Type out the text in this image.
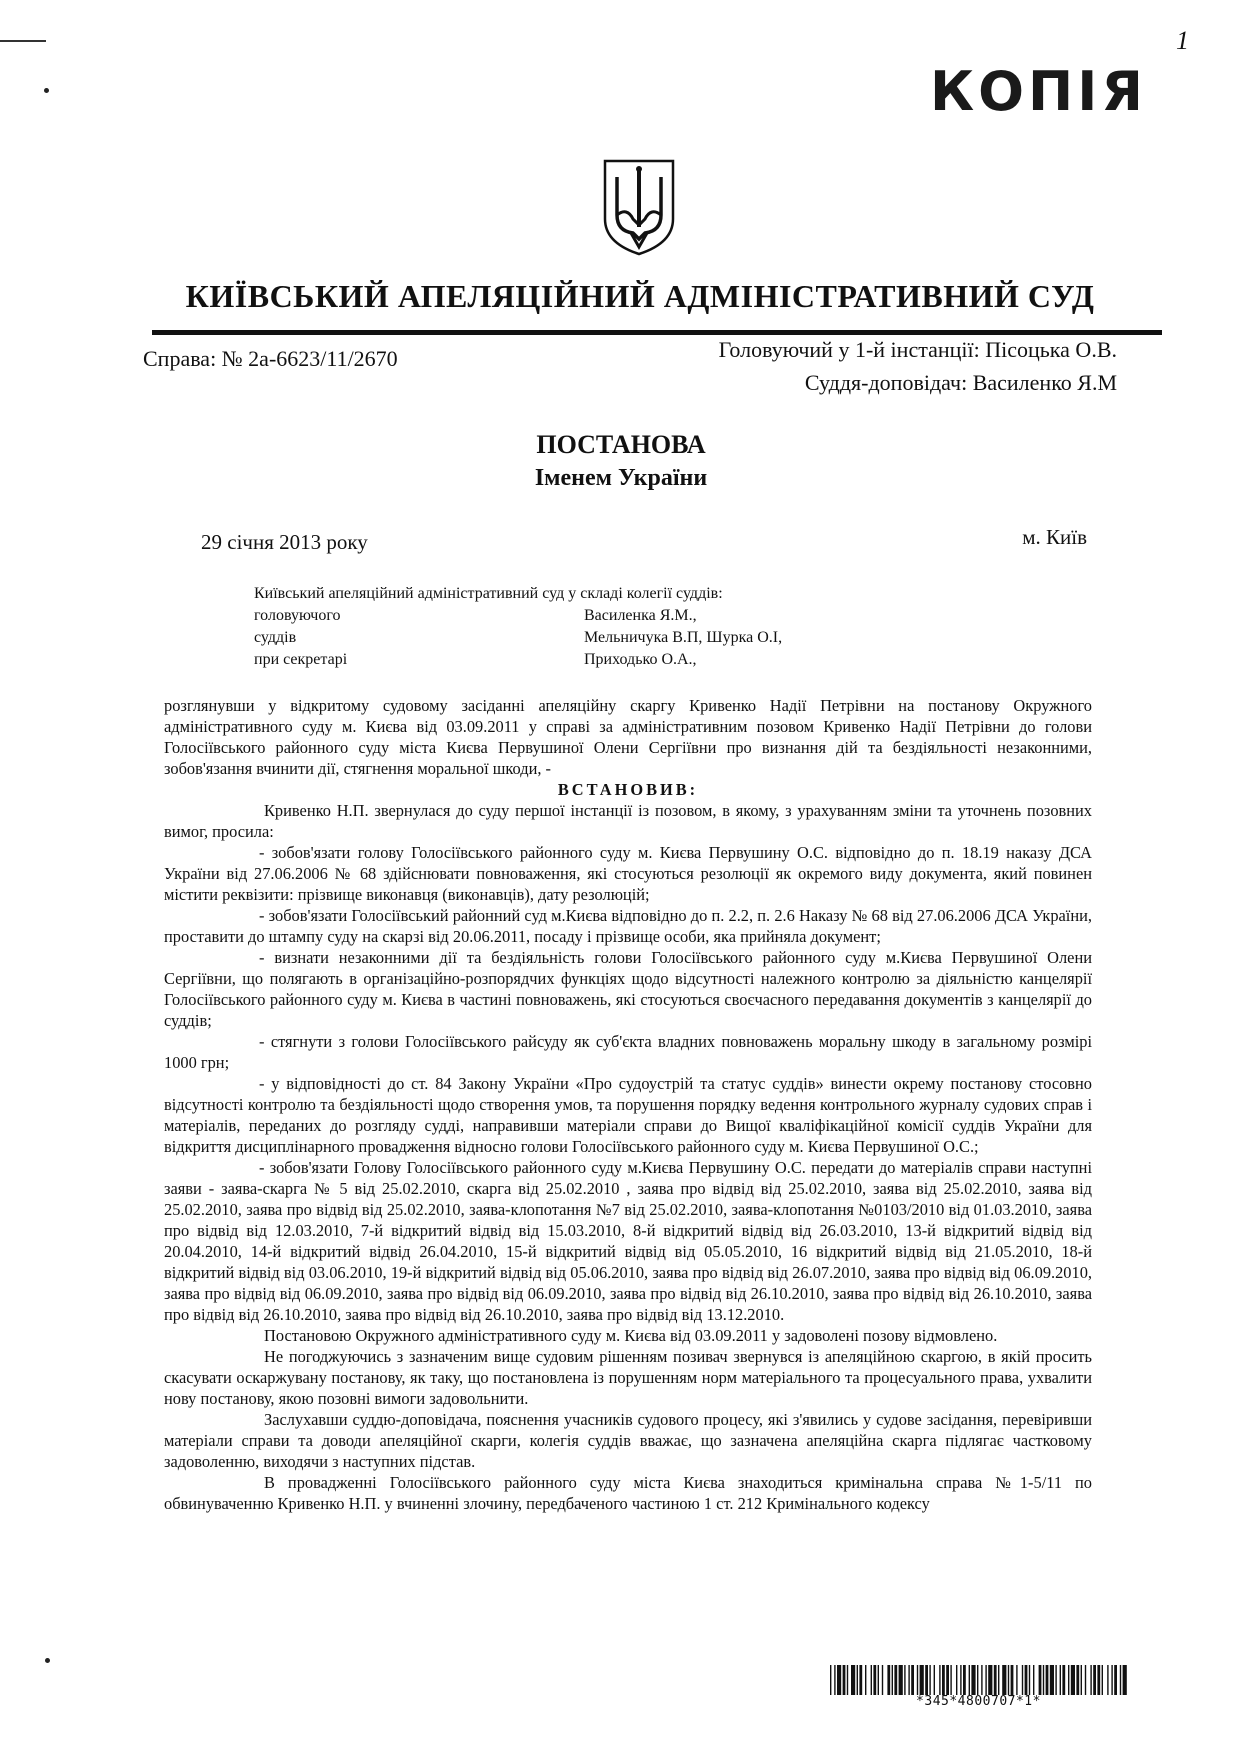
1
КОПІЯ
КИЇВСЬКИЙ АПЕЛЯЦІЙНИЙ АДМІНІСТРАТИВНИЙ СУД
Справа: № 2а-6623/11/2670	Головуючий у 1-й інстанції: Пісоцька О.В.
Суддя-доповідач: Василенко Я.М
ПОСТАНОВА
Іменем України
29 січня 2013 року	м. Київ
Київський апеляційний адміністративний суд у складі колегії суддів:
головуючого	Василенка Я.М.,
суддів	Мельничука В.П, Шурка О.І,
при секретарі	Приходько О.А.,

розглянувши у відкритому судовому засіданні апеляційну скаргу Кривенко Надії Петрівни на постанову Окружного адміністративного суду м. Києва від 03.09.2011 у справі за адміністративним позовом Кривенко Надії Петрівни до голови Голосіївського районного суду міста Києва Первушиної Олени Сергіївни про визнання дій та бездіяльності незаконними, зобов'язання вчинити дії, стягнення моральної шкоди, -

ВСТАНОВИВ:

Кривенко Н.П. звернулася до суду першої інстанції із позовом, в якому, з урахуванням зміни та уточнень позовних вимог, просила:

- зобов'язати голову Голосіївського районного суду м. Києва Первушину О.С. відповідно до п. 18.19 наказу ДСА України від 27.06.2006 № 68 здійснювати повноваження, які стосуються резолюції як окремого виду документа, який повинен містити реквізити: прізвище виконавця (виконавців), дату резолюцій;

- зобов'язати Голосіївський районний суд м.Києва відповідно до п. 2.2, п. 2.6 Наказу № 68 від 27.06.2006 ДСА України, проставити до штампу суду на скарзі від 20.06.2011, посаду і прізвище особи, яка прийняла документ;

- визнати незаконними дії та бездіяльність голови Голосіївського районного суду м.Києва Первушиної Олени Сергіївни, що полягають в організаційно-розпорядчих функціях щодо відсутності належного контролю за діяльністю канцелярії Голосіївського районного суду м. Києва в частині повноважень, які стосуються своєчасного передавання документів з канцелярії до суддів;

- стягнути з голови Голосіївського райсуду як суб'єкта владних повноважень моральну шкоду в загальному розмірі 1000 грн;

- у відповідності до ст. 84 Закону України «Про судоустрій та статус суддів» винести окрему постанову стосовно відсутності контролю та бездіяльності щодо створення умов, та порушення порядку ведення контрольного журналу судових справ і матеріалів, переданих до розгляду судді, направивши матеріали справи до Вищої кваліфікаційної комісії суддів України для відкриття дисциплінарного провадження відносно голови Голосіївського районного суду м. Києва Первушиної О.С.;

- зобов'язати Голову Голосіївського районного суду м.Києва Первушину О.С. передати до матеріалів справи наступні заяви - заява-скарга № 5 від 25.02.2010, скарга від 25.02.2010 , заява про відвід від 25.02.2010, заява від 25.02.2010, заява від 25.02.2010, заява про відвід від 25.02.2010, заява-клопотання №7 від 25.02.2010, заява-клопотання №0103/2010 від 01.03.2010, заява про відвід від 12.03.2010, 7-й відкритий відвід від 15.03.2010, 8-й відкритий відвід від 26.03.2010, 13-й відкритий відвід від 20.04.2010, 14-й відкритий відвід 26.04.2010, 15-й відкритий відвід від 05.05.2010, 16 відкритий відвід від 21.05.2010, 18-й відкритий відвід від 03.06.2010, 19-й відкритий відвід від 05.06.2010, заява про відвід від 26.07.2010, заява про відвід від 06.09.2010, заява про відвід від 06.09.2010, заява про відвід від 06.09.2010, заява про відвід від 26.10.2010, заява про відвід від 26.10.2010, заява про відвід від 26.10.2010, заява про відвід від 26.10.2010, заява про відвід від 13.12.2010.

Постановою Окружного адміністративного суду м. Києва від 03.09.2011 у задоволені позову відмовлено.

Не погоджуючись з зазначеним вище судовим рішенням позивач звернувся із апеляційною скаргою, в якій просить скасувати оскаржувану постанову, як таку, що постановлена із порушенням норм матеріального та процесуального права, ухвалити нову постанову, якою позовні вимоги задовольнити.

Заслухавши суддю-доповідача, пояснення учасників судового процесу, які з'явились у судове засідання, перевіривши матеріали справи та доводи апеляційної скарги, колегія суддів вважає, що зазначена апеляційна скарга підлягає частковому задоволенню, виходячи з наступних підстав.

В провадженні Голосіївського районного суду міста Києва знаходиться кримінальна справа №1-5/11 по обвинуваченню Кривенко Н.П. у вчиненні злочину, передбаченого частиною 1 ст. 212 Кримінального кодексу

*345*4800707*1*
